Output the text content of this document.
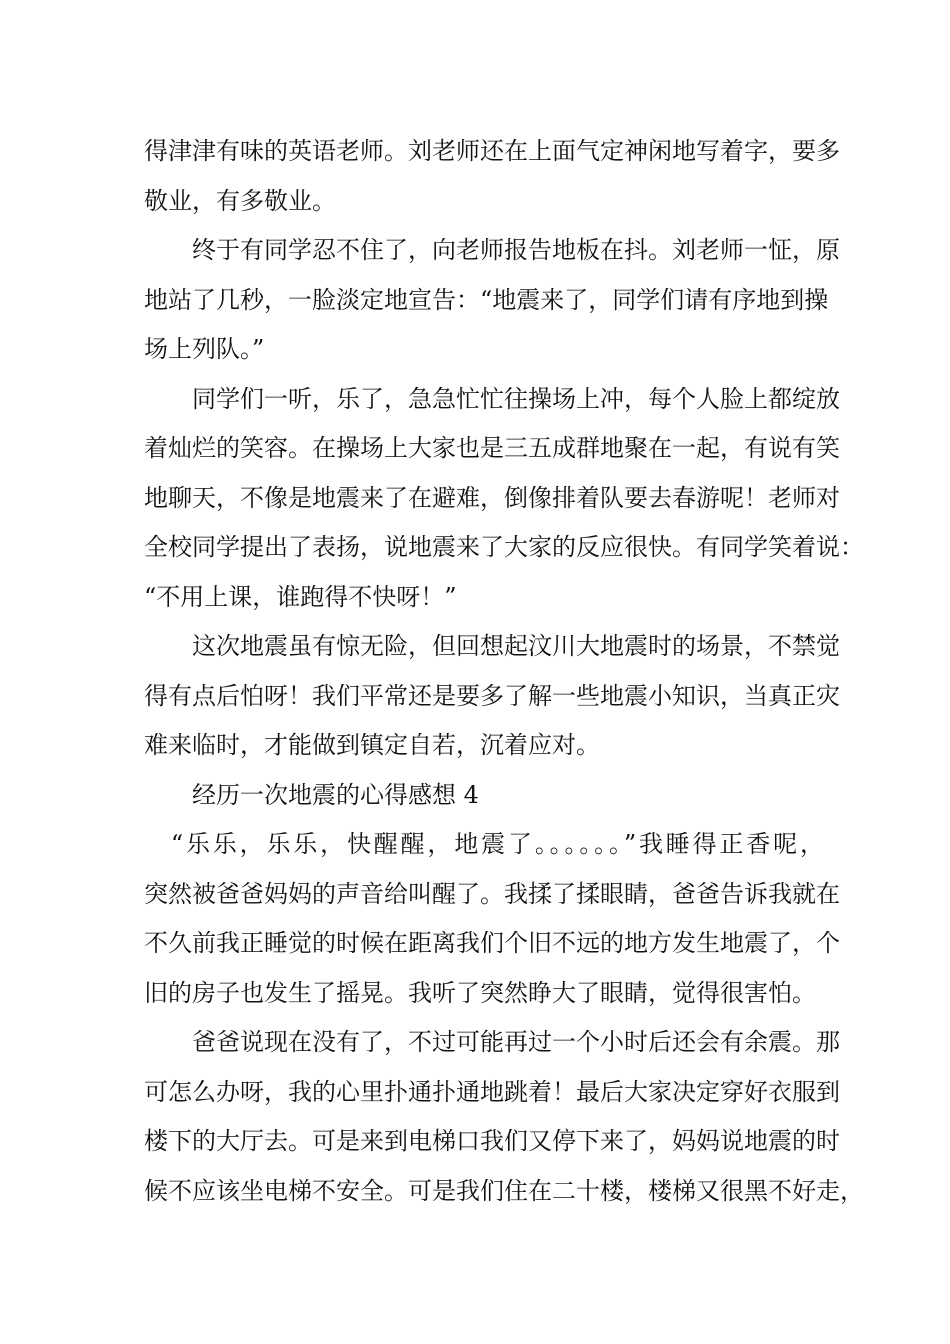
得津津有味的英语老师。刘老师还在上面气定神闲地写着字，要多
敬业，有多敬业。
　　终于有同学忍不住了，向老师报告地板在抖。刘老师一怔，原
地站了几秒，一脸淡定地宣告：“地震来了，同学们请有序地到操
场上列队。”
　　同学们一听，乐了，急急忙忙往操场上冲，每个人脸上都绽放
着灿烂的笑容。在操场上大家也是三五成群地聚在一起，有说有笑
地聊天，不像是地震来了在避难，倒像排着队要去春游呢！老师对
全校同学提出了表扬，说地震来了大家的反应很快。有同学笑着说：
“不用上课，谁跑得不快呀！”
　　这次地震虽有惊无险，但回想起汶川大地震时的场景，不禁觉
得有点后怕呀！我们平常还是要多了解一些地震小知识，当真正灾
难来临时，才能做到镇定自若，沉着应对。
　　经历一次地震的心得感想 4
　“乐乐，乐乐，快醒醒，地震了。。。。。。”我睡得正香呢，
突然被爸爸妈妈的声音给叫醒了。我揉了揉眼睛，爸爸告诉我就在
不久前我正睡觉的时候在距离我们个旧不远的地方发生地震了，个
旧的房子也发生了摇晃。我听了突然睁大了眼睛，觉得很害怕。
　　爸爸说现在没有了，不过可能再过一个小时后还会有余震。那
可怎么办呀，我的心里扑通扑通地跳着！最后大家决定穿好衣服到
楼下的大厅去。可是来到电梯口我们又停下来了，妈妈说地震的时
候不应该坐电梯不安全。可是我们住在二十楼，楼梯又很黑不好走，
